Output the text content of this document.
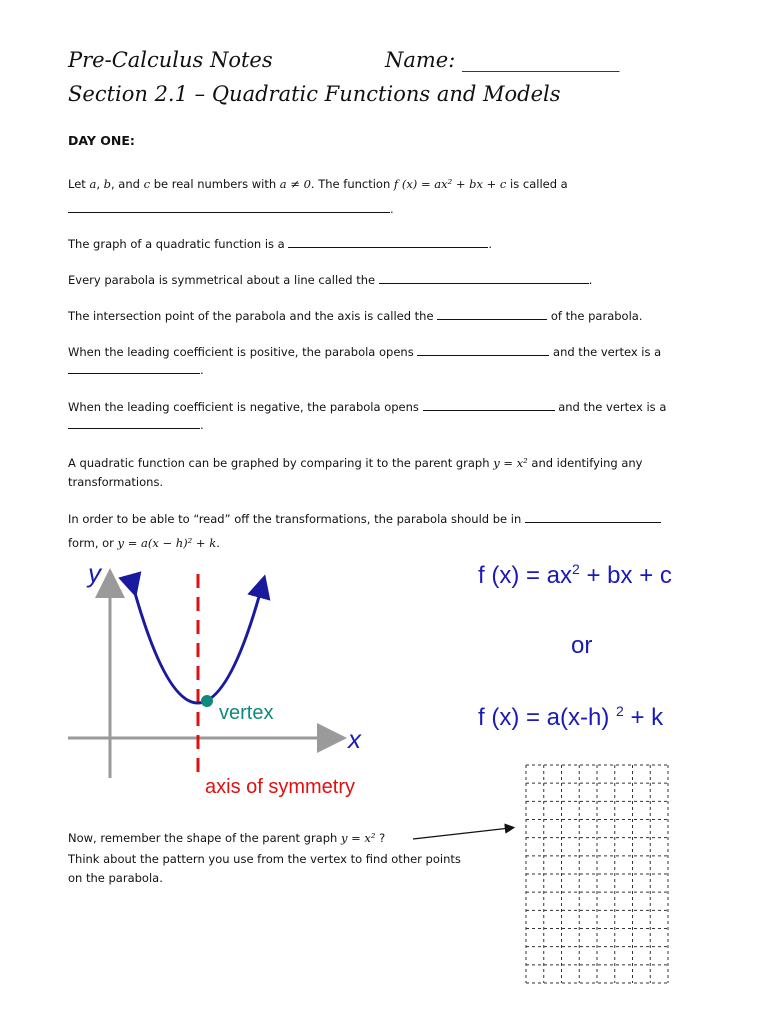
Pre-Calculus Notes	Name: _______________
Section 2.1 – Quadratic Functions and Models
DAY ONE:
Let a, b, and c be real numbers with a ≠ 0. The function f (x) = ax² + bx + c is called a
.
The graph of a quadratic function is a	.
Every parabola is symmetrical about a line called the	.
The intersection point of the parabola and the axis is called the	of the parabola.
When the leading coefficient is positive, the parabola opens	and the vertex is a
.
When the leading coefficient is negative, the parabola opens	and the vertex is a
.
A quadratic function can be graphed by comparing it to the parent graph y = x² and identifying any
transformations.
In order to be able to “read” off the transformations, the parabola should be in
form, or y = a(x − h)² + k.
y
x
vertex
axis of symmetry
f $(x) = ax^2$ + bx + c
or
f (x) = a(x-h) $^2$ + k
Now, remember the shape of the parent graph y = x² ?
Think about the pattern you use from the vertex to find other points
on the parabola.
